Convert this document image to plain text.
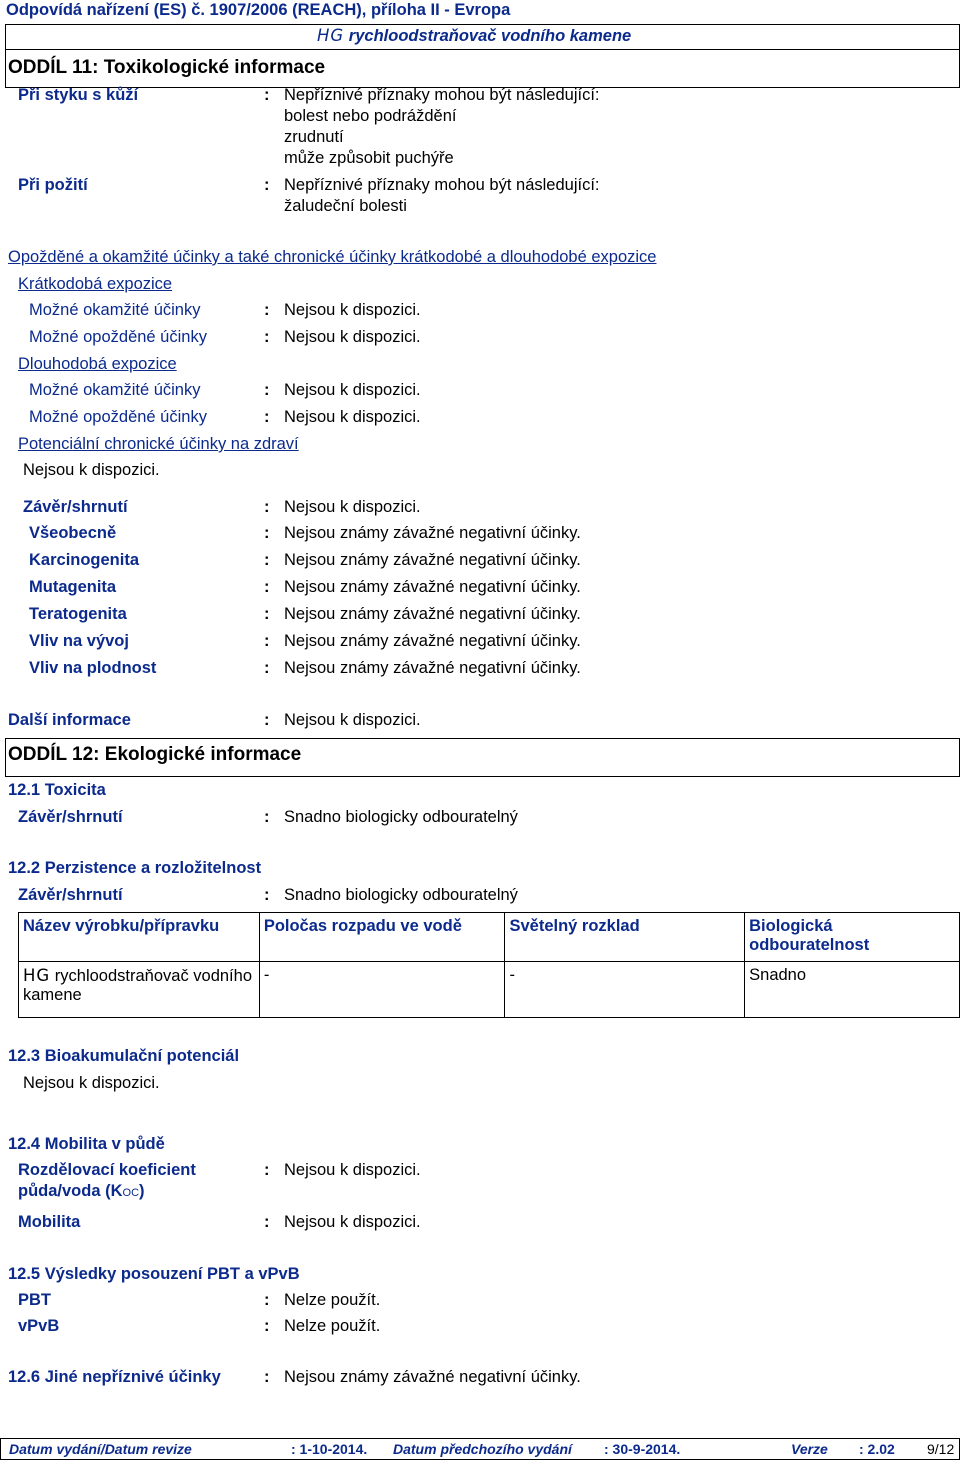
Odpovídá nařízení (ES) č. 1907/2006 (REACH), příloha II - Evropa
HG rychloodstraňovač vodního kamene
ODDÍL 11: Toxikologické informace
Při styku s kůží	: Nepříznivé příznaky mohou být následující:
bolest nebo podráždění
zrudnutí
může způsobit puchýře
Při požití	: Nepříznivé příznaky mohou být následující:
žaludeční bolesti
Opožděné a okamžité účinky a také chronické účinky krátkodobé a dlouhodobé expozice
Krátkodobá expozice
Možné okamžité účinky	: Nejsou k dispozici.
Možné opožděné účinky	: Nejsou k dispozici.
Dlouhodobá expozice
Možné okamžité účinky	: Nejsou k dispozici.
Možné opožděné účinky	: Nejsou k dispozici.
Potenciální chronické účinky na zdraví
Nejsou k dispozici.
Závěr/shrnutí	: Nejsou k dispozici.
Všeobecně	: Nejsou známy závažné negativní účinky.
Karcinogenita	: Nejsou známy závažné negativní účinky.
Mutagenita	: Nejsou známy závažné negativní účinky.
Teratogenita	: Nejsou známy závažné negativní účinky.
Vliv na vývoj	: Nejsou známy závažné negativní účinky.
Vliv na plodnost	: Nejsou známy závažné negativní účinky.
Další informace	: Nejsou k dispozici.
ODDÍL 12: Ekologické informace
12.1 Toxicita
Závěr/shrnutí	: Snadno biologicky odbouratelný
12.2 Perzistence a rozložitelnost
Závěr/shrnutí	: Snadno biologicky odbouratelný
Název výrobku/přípravku	Poločas rozpadu ve vodě	Světelný rozklad	Biologická odbouratelnost
HG rychloodstraňovač vodního kamene	-	-	Snadno
12.3 Bioakumulační potenciál
Nejsou k dispozici.
12.4 Mobilita v půdě
Rozdělovací koeficient
půda/voda (KOC)
: Nejsou k dispozici.
Mobilita	: Nejsou k dispozici.
12.5 Výsledky posouzení PBT a vPvB
PBT	: Nelze použít.
vPvB	: Nelze použít.
12.6 Jiné nepříznivé účinky	: Nejsou známy závažné negativní účinky.
Datum vydání/Datum revize	: 1-10-2014. Datum předchozího vydání : 30-9-2014.	Verze : 2.02 9/12
